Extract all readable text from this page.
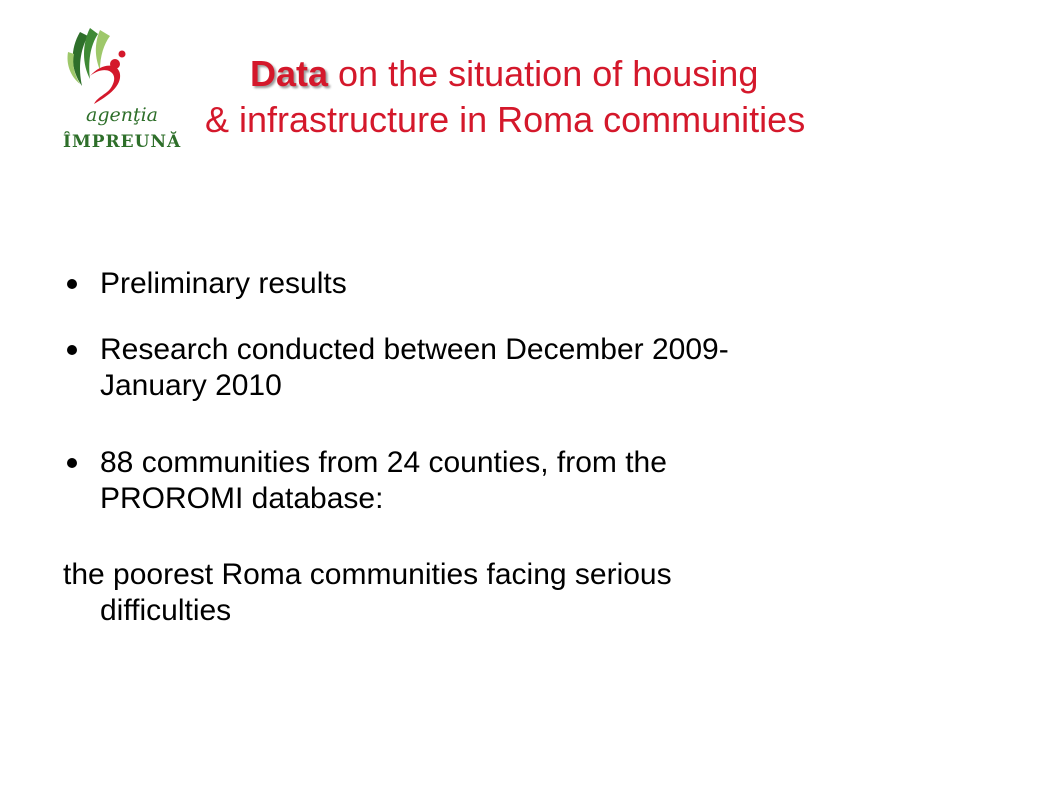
agenţia
ÎMPREUNĂ
Data on the situation of housing
& infrastructure in Roma communities
Preliminary results
Research conducted between December 2009-
January 2010
88 communities from 24 counties, from the
PROROMI database:
the poorest Roma communities facing serious

difficulties
